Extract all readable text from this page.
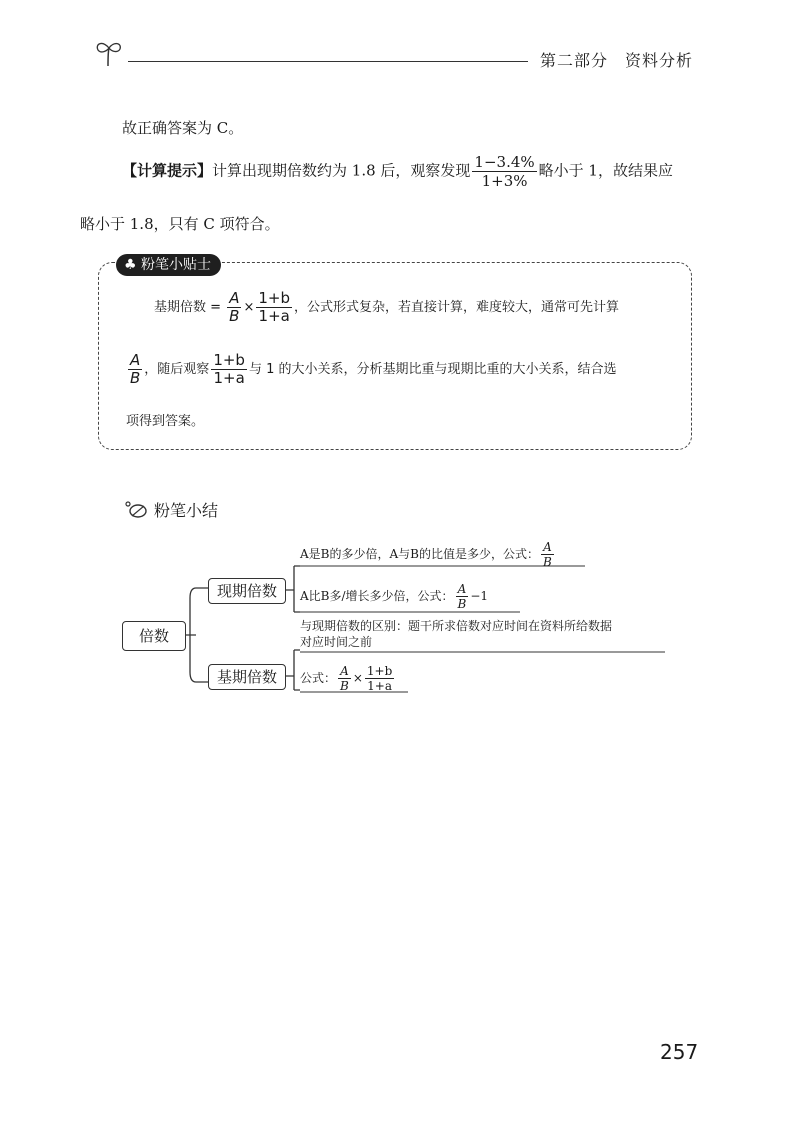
第二部分　资料分析
故正确答案为 C。
【计算提示】计算出现期倍数约为 1.8 后，观察发现 $\frac{1-3.4\%}{1+3\%}$ 略小于 1，故结果应
略小于 1.8，只有 C 项符合。
♣ 粉笔小贴士
基期倍数 = $\frac{A}{B} \times \frac{1+b}{1+a}$ ，公式形式复杂，若直接计算，难度较大，通常可先计算
$\frac{A}{B}$ ，随后观察 $\frac{1+b}{1+a}$ 与 1 的大小关系，分析基期比重与现期比重的大小关系，结合选
项得到答案。
粉笔小结
倍数
现期倍数
基期倍数
A是B的多少倍，A与B的比值是多少，公式： $\frac{A}{B}$
A比B多/增长多少倍，公式： $\frac{A}{B} -1$
与现期倍数的区别：题干所求倍数对应时间在资料所给数据
对应时间之前
公式： $\frac{A}{B} \times \frac{1+b}{1+a}$
257
